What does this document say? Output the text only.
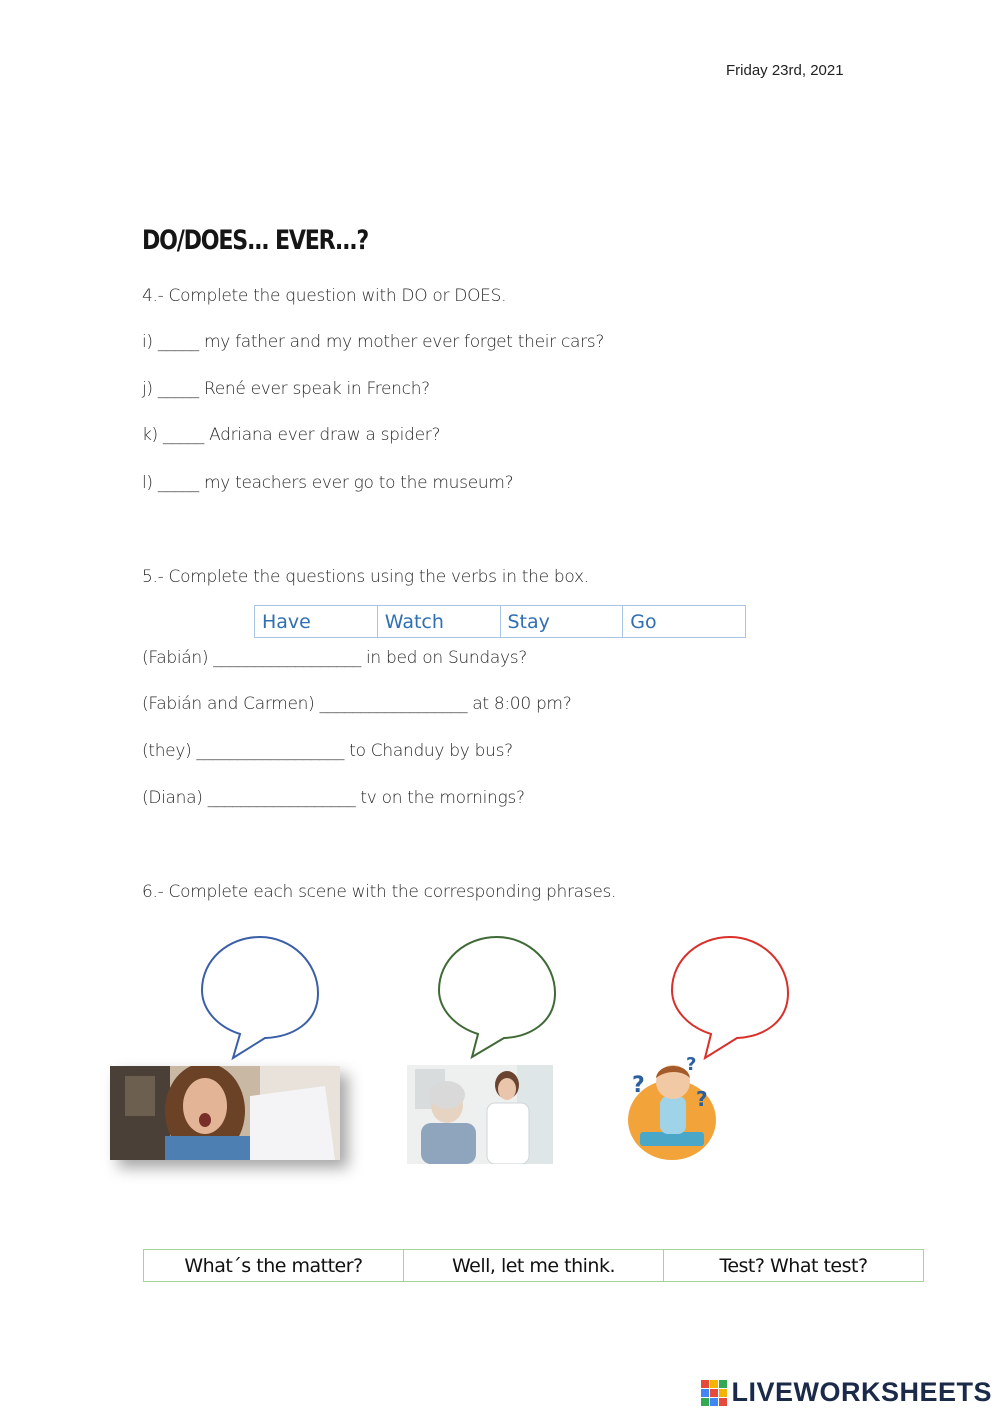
Friday 23rd, 2021
DO/DOES... EVER...?
4.- Complete the question with DO or DOES.
i) _____ my father and my mother ever forget their cars?
j) _____ René ever speak in French?
k) _____ Adriana ever draw a spider?
l) _____ my teachers ever go to the museum?
5.- Complete the questions using the verbs in the box.
Have	Watch	Stay	Go
(Fabián) __________________ in bed on Sundays?
(Fabián and Carmen) __________________ at 8:00 pm?
(they) __________________ to Chanduy by bus?
(Diana) __________________ tv on the mornings?
6.- Complete each scene with the corresponding phrases.
?
?
?
What´s the matter?	Well, let me think.	Test? What test?
LIVEWORKSHEETS
